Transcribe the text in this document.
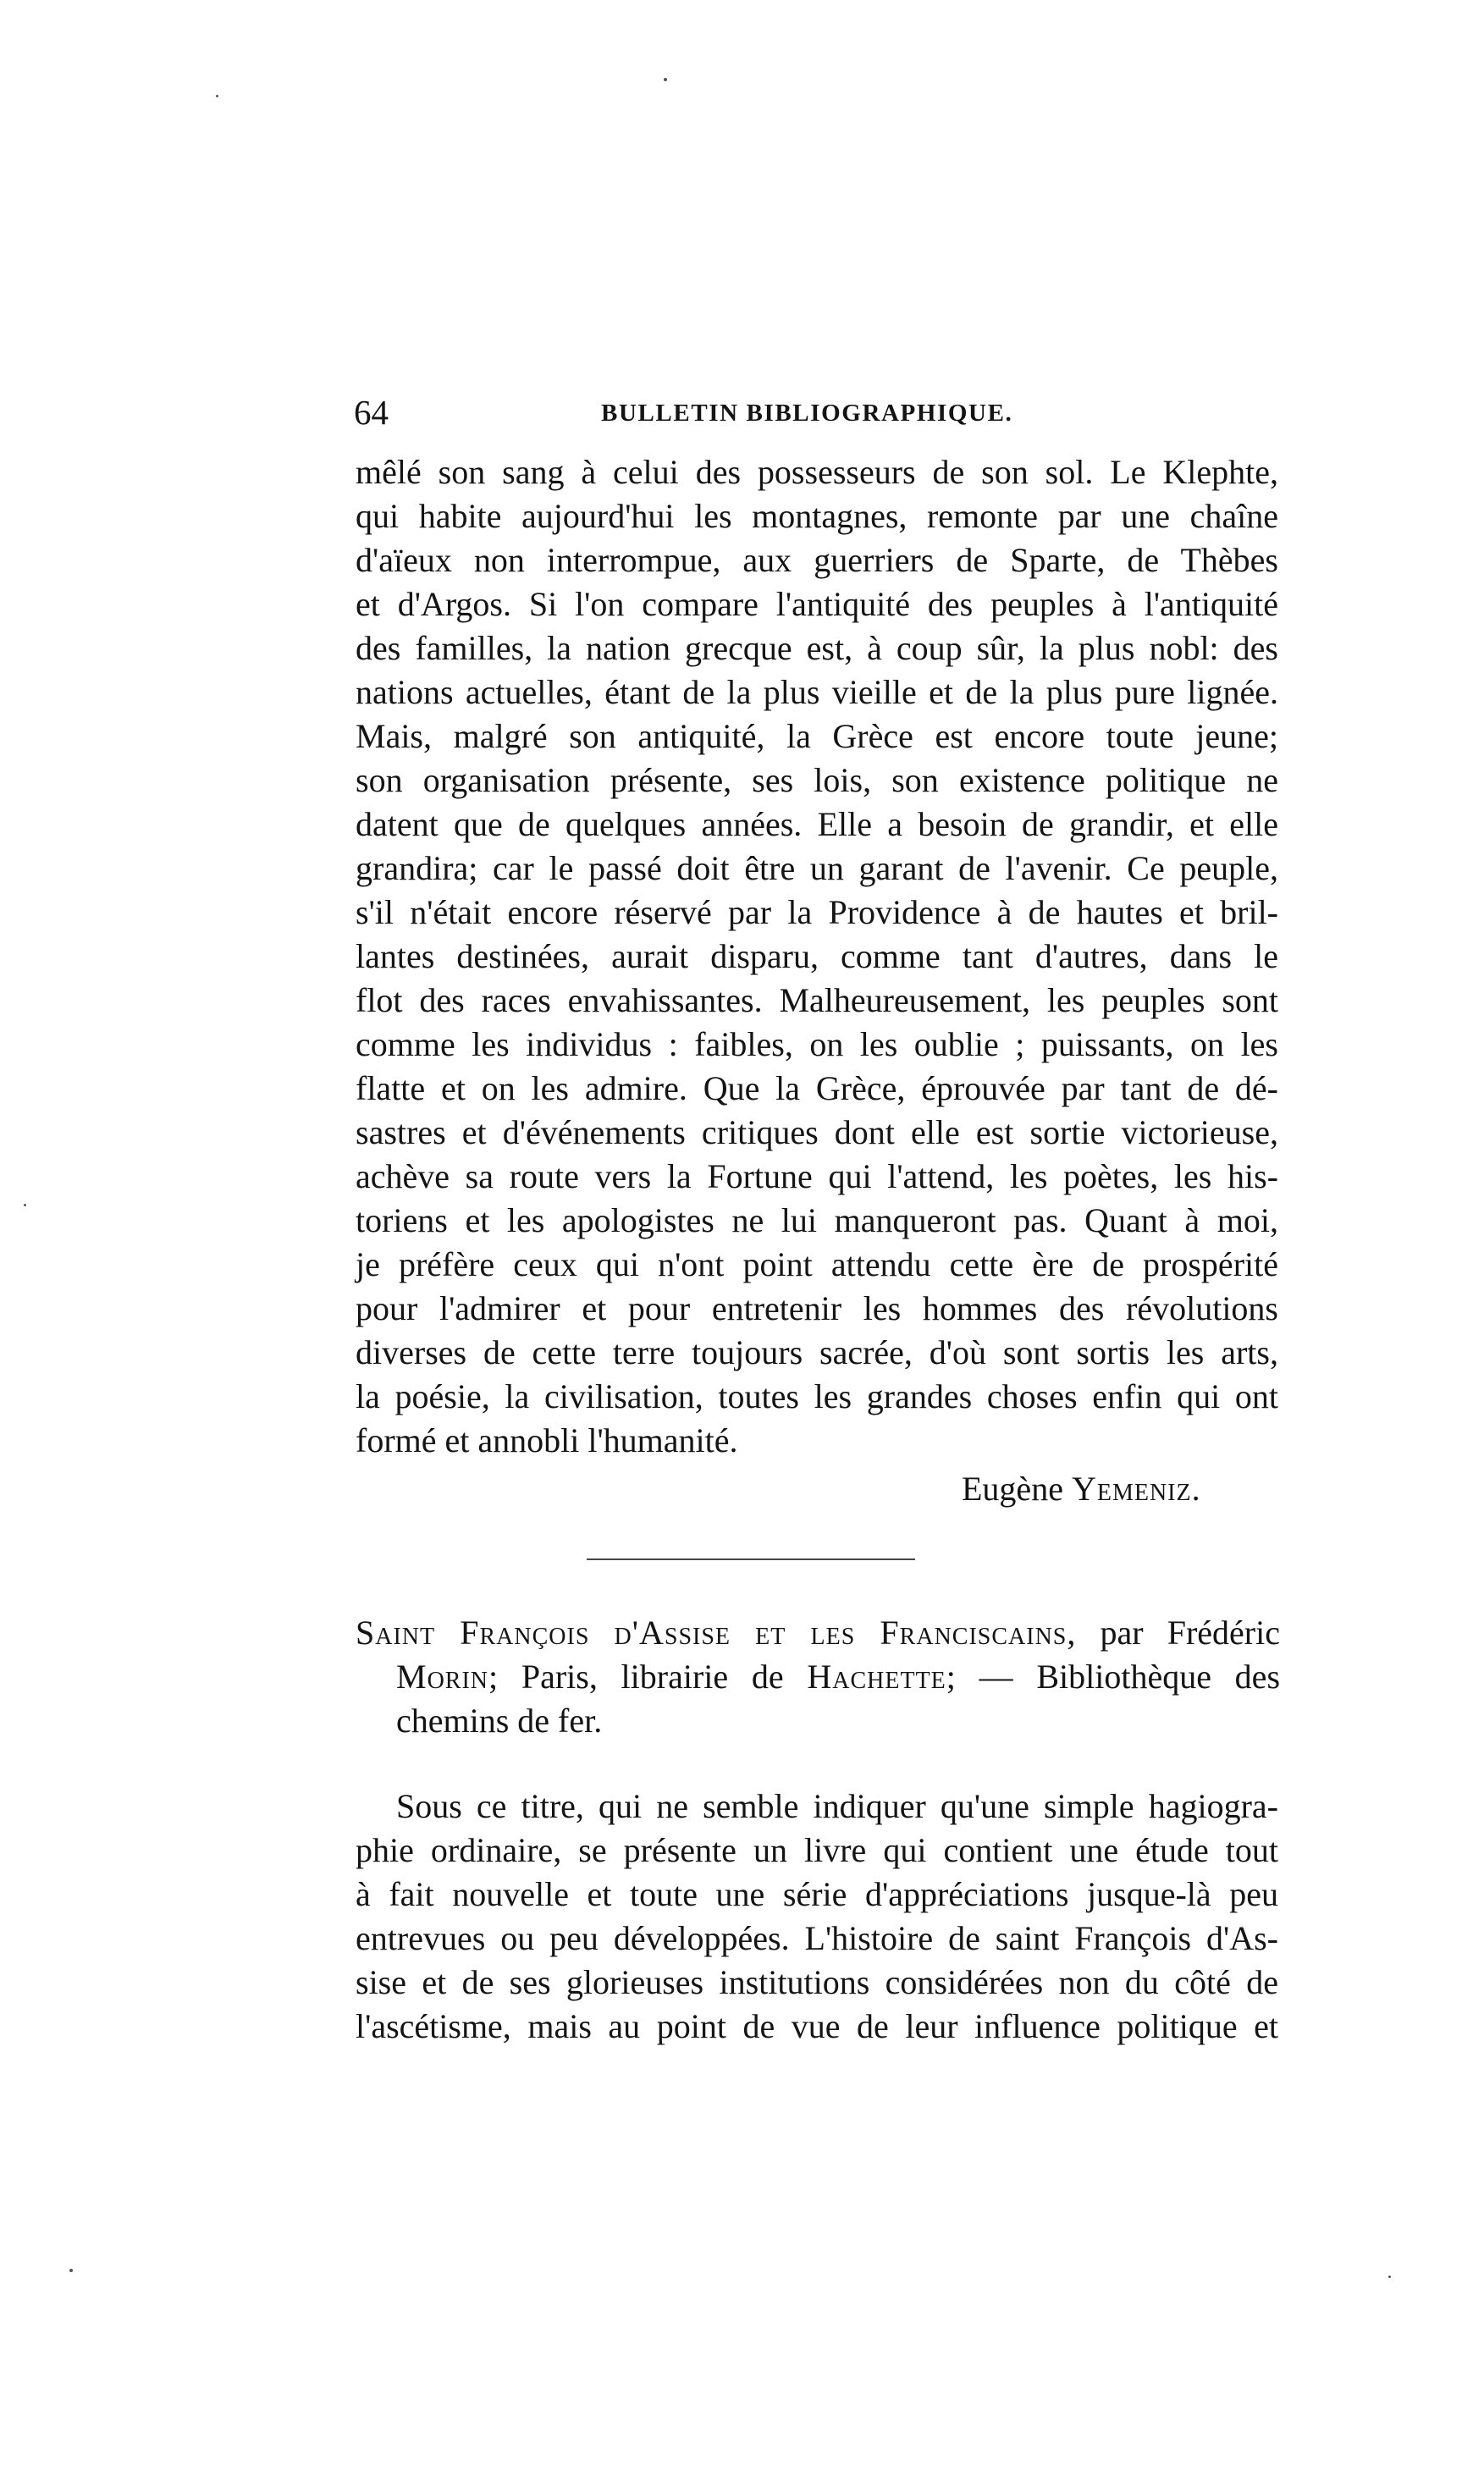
64	BULLETIN BIBLIOGRAPHIQUE.
mêlé son sang à celui des possesseurs de son sol. Le Klephte,
qui habite aujourd'hui les montagnes, remonte par une chaîne
d'aïeux non interrompue, aux guerriers de Sparte, de Thèbes
et d'Argos. Si l'on compare l'antiquité des peuples à l'antiquité
des familles, la nation grecque est, à coup sûr, la plus nobl: des
nations actuelles, étant de la plus vieille et de la plus pure lignée.
Mais, malgré son antiquité, la Grèce est encore toute jeune;
son organisation présente, ses lois, son existence politique ne
datent que de quelques années. Elle a besoin de grandir, et elle
grandira; car le passé doit être un garant de l'avenir. Ce peuple,
s'il n'était encore réservé par la Providence à de hautes et bril-
lantes destinées, aurait disparu, comme tant d'autres, dans le
flot des races envahissantes. Malheureusement, les peuples sont
comme les individus : faibles, on les oublie ; puissants, on les
flatte et on les admire. Que la Grèce, éprouvée par tant de dé-
sastres et d'événements critiques dont elle est sortie victorieuse,
achève sa route vers la Fortune qui l'attend, les poètes, les his-
toriens et les apologistes ne lui manqueront pas. Quant à moi,
je préfère ceux qui n'ont point attendu cette ère de prospérité
pour l'admirer et pour entretenir les hommes des révolutions
diverses de cette terre toujours sacrée, d'où sont sortis les arts,
la poésie, la civilisation, toutes les grandes choses enfin qui ont
formé et annobli l'humanité.
Eugène Yemeniz.
Saint François d'Assise et les Franciscains, par Frédéric
Morin; Paris, librairie de Hachette; — Bibliothèque des
chemins de fer.
Sous ce titre, qui ne semble indiquer qu'une simple hagiogra-
phie ordinaire, se présente un livre qui contient une étude tout
à fait nouvelle et toute une série d'appréciations jusque-là peu
entrevues ou peu développées. L'histoire de saint François d'As-
sise et de ses glorieuses institutions considérées non du côté de
l'ascétisme, mais au point de vue de leur influence politique et
